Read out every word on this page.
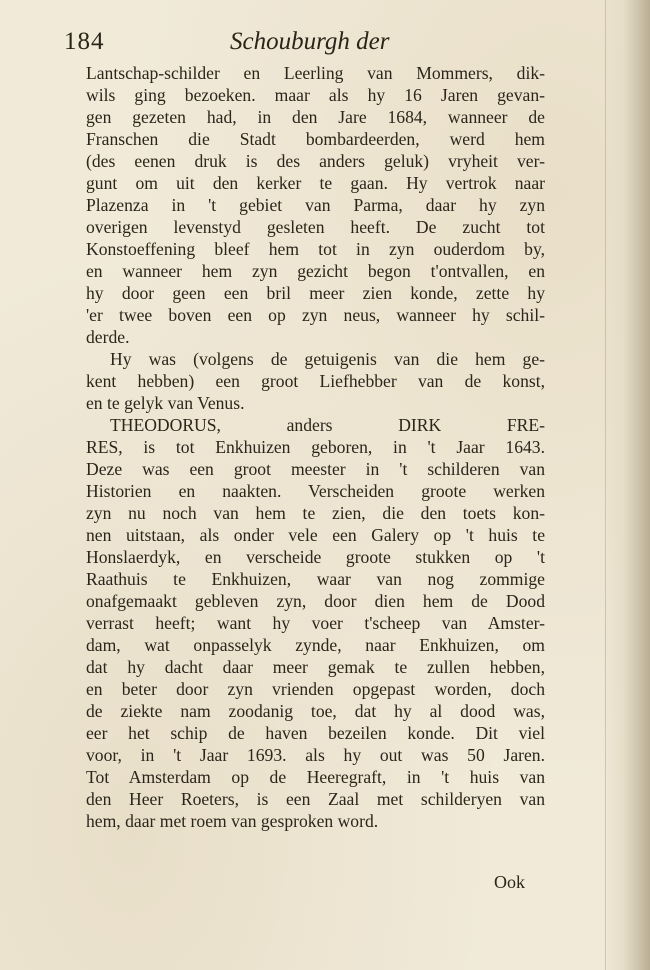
184	Schouburgh der
Lantschap-schilder en Leerling van Mommers, dik-
wils ging bezoeken. maar als hy 16 Jaren gevan-
gen gezeten had, in den Jare 1684, wanneer de
Franschen die Stadt bombardeerden, werd hem
(des eenen druk is des anders geluk) vryheit ver-
gunt om uit den kerker te gaan. Hy vertrok naar
Plazenza in 't gebiet van Parma, daar hy zyn
overigen levenstyd gesleten heeft. De zucht tot
Konstoeffening bleef hem tot in zyn ouderdom by,
en wanneer hem zyn gezicht begon t'ontvallen, en
hy door geen een bril meer zien konde, zette hy
'er twee boven een op zyn neus, wanneer hy schil-
derde.
Hy was (volgens de getuigenis van die hem ge-
kent hebben) een groot Liefhebber van de konst,
en te gelyk van Venus.
THEODORUS, anders DIRK FRE-
RES, is tot Enkhuizen geboren, in 't Jaar 1643.
Deze was een groot meester in 't schilderen van
Historien en naakten. Verscheiden groote werken
zyn nu noch van hem te zien, die den toets kon-
nen uitstaan, als onder vele een Galery op 't huis te
Honslaerdyk, en verscheide groote stukken op 't
Raathuis te Enkhuizen, waar van nog zommige
onafgemaakt gebleven zyn, door dien hem de Dood
verrast heeft; want hy voer t'scheep van Amster-
dam, wat onpasselyk zynde, naar Enkhuizen, om
dat hy dacht daar meer gemak te zullen hebben,
en beter door zyn vrienden opgepast worden, doch
de ziekte nam zoodanig toe, dat hy al dood was,
eer het schip de haven bezeilen konde. Dit viel
voor, in 't Jaar 1693. als hy out was 50 Jaren.
Tot Amsterdam op de Heeregraft, in 't huis van
den Heer Roeters, is een Zaal met schilderyen van
hem, daar met roem van gesproken word.
Ook
